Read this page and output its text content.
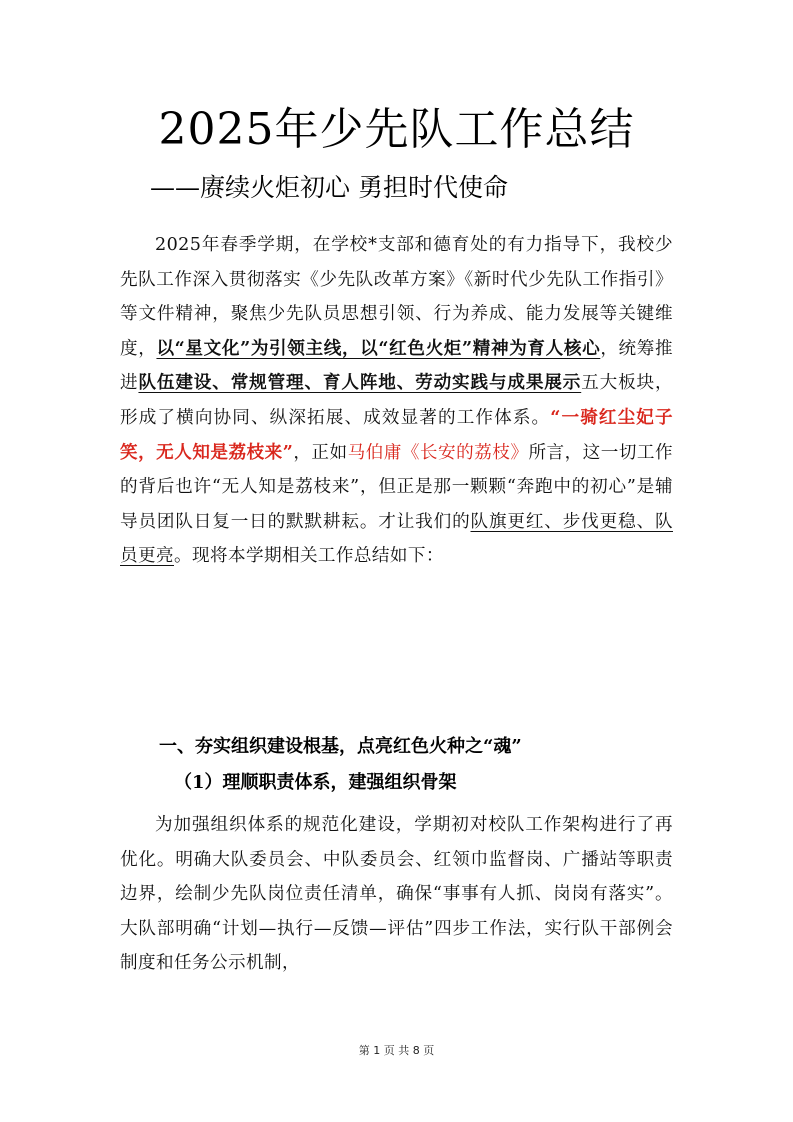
2025年少先队工作总结
——赓续火炬初心 勇担时代使命

2025年春季学期，在学校*支部和德育处的有力指导下，我校少先队工作深入贯彻落实《少先队改革方案》《新时代少先队工作指引》等文件精神，聚焦少先队员思想引领、行为养成、能力发展等关键维度，以“星文化”为引领主线，以“红色火炬”精神为育人核心，统筹推进队伍建设、常规管理、育人阵地、劳动实践与成果展示五大板块，形成了横向协同、纵深拓展、成效显著的工作体系。“一骑红尘妃子笑，无人知是荔枝来”，正如马伯庸《长安的荔枝》所言，这一切工作的背后也许“无人知是荔枝来”，但正是那一颗颗“奔跑中的初心”是辅导员团队日复一日的默默耕耘。才让我们的队旗更红、步伐更稳、队员更亮。现将本学期相关工作总结如下：

一、夯实组织建设根基，点亮红色火种之“魂”
（1）理顺职责体系，建强组织骨架

为加强组织体系的规范化建设，学期初对校队工作架构进行了再优化。明确大队委员会、中队委员会、红领巾监督岗、广播站等职责边界，绘制少先队岗位责任清单，确保“事事有人抓、岗岗有落实”。大队部明确“计划—执行—反馈—评估”四步工作法，实行队干部例会制度和任务公示机制，

第 1 页 共 8 页
